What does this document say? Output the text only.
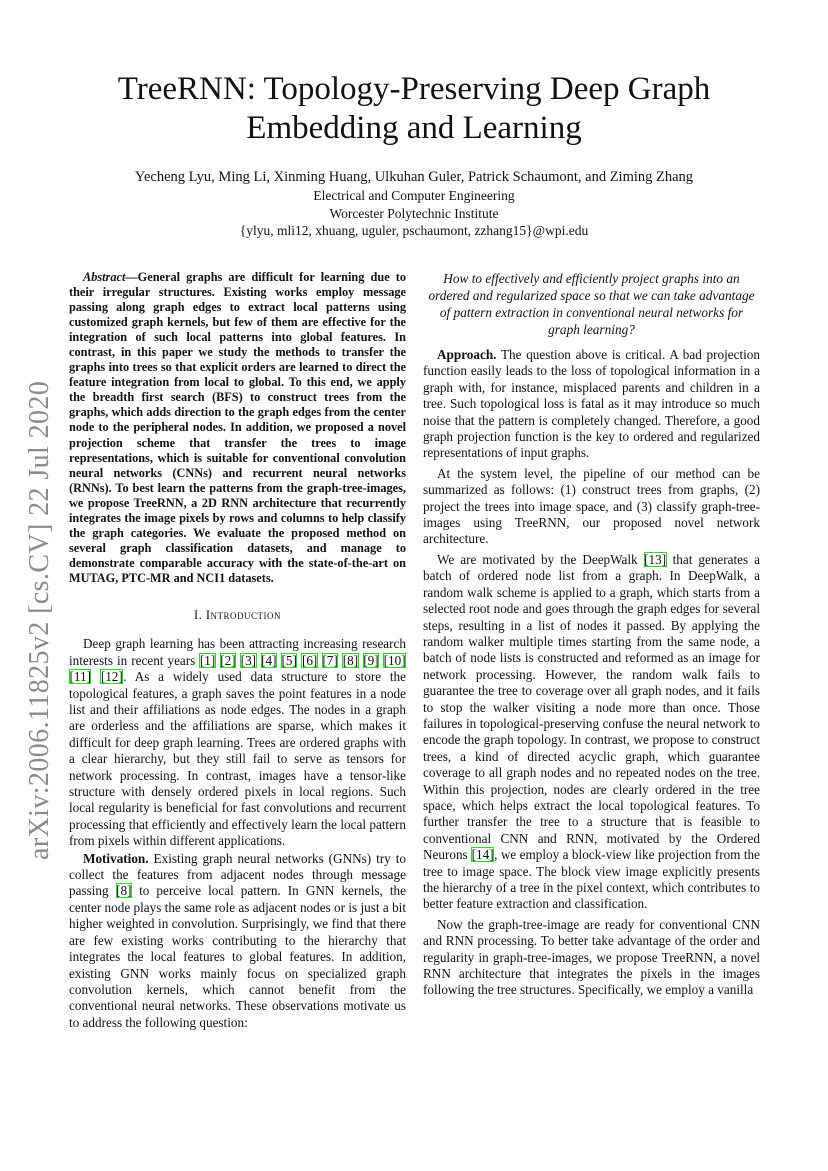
arXiv:2006.11825v2 [cs.CV] 22 Jul 2020
TreeRNN: Topology-Preserving Deep Graph
Embedding and Learning
Yecheng Lyu, Ming Li, Xinming Huang, Ulkuhan Guler, Patrick Schaumont, and Ziming Zhang
Electrical and Computer Engineering
Worcester Polytechnic Institute
{ylyu, mli12, xhuang, uguler, pschaumont, zzhang15}@wpi.edu

Abstract—General graphs are difficult for learning due to their irregular structures. Existing works employ message passing along graph edges to extract local patterns using customized graph kernels, but few of them are effective for the integration of such local patterns into global features. In contrast, in this paper we study the methods to transfer the graphs into trees so that explicit orders are learned to direct the feature integration from local to global. To this end, we apply the breadth first search (BFS) to construct trees from the graphs, which adds direction to the graph edges from the center node to the peripheral nodes. In addition, we proposed a novel projection scheme that transfer the trees to image representations, which is suitable for conventional convolution neural networks (CNNs) and recurrent neural networks (RNNs). To best learn the patterns from the graph-tree-images, we propose TreeRNN, a 2D RNN architecture that recurrently integrates the image pixels by rows and columns to help classify the graph categories. We evaluate the proposed method on several graph classification datasets, and manage to demonstrate comparable accuracy with the state-of-the-art on MUTAG, PTC-MR and NCI1 datasets.

I. Introduction

Deep graph learning has been attracting increasing research interests in recent years [1] [2] [3] [4] [5] [6] [7] [8] [9] [10] [11] [12]. As a widely used data structure to store the topological features, a graph saves the point features in a node list and their affiliations as node edges. The nodes in a graph are orderless and the affiliations are sparse, which makes it difficult for deep graph learning. Trees are ordered graphs with a clear hierarchy, but they still fail to serve as tensors for network processing. In contrast, images have a tensor-like structure with densely ordered pixels in local regions. Such local regularity is beneficial for fast convolutions and recurrent processing that efficiently and effectively learn the local pattern from pixels within different applications.

Motivation. Existing graph neural networks (GNNs) try to collect the features from adjacent nodes through message passing [8] to perceive local pattern. In GNN kernels, the center node plays the same role as adjacent nodes or is just a bit higher weighted in convolution. Surprisingly, we find that there are few existing works contributing to the hierarchy that integrates the local features to global features. In addition, existing GNN works mainly focus on specialized graph convolution kernels, which cannot benefit from the conventional neural networks. These observations motivate us to address the following question:

How to effectively and efficiently project graphs into an ordered and regularized space so that we can take advantage of pattern extraction in conventional neural networks for graph learning?

Approach. The question above is critical. A bad projection function easily leads to the loss of topological information in a graph with, for instance, misplaced parents and children in a tree. Such topological loss is fatal as it may introduce so much noise that the pattern is completely changed. Therefore, a good graph projection function is the key to ordered and regularized representations of input graphs.

At the system level, the pipeline of our method can be summarized as follows: (1) construct trees from graphs, (2) project the trees into image space, and (3) classify graph-tree-images using TreeRNN, our proposed novel network architecture.

We are motivated by the DeepWalk [13] that generates a batch of ordered node list from a graph. In DeepWalk, a random walk scheme is applied to a graph, which starts from a selected root node and goes through the graph edges for several steps, resulting in a list of nodes it passed. By applying the random walker multiple times starting from the same node, a batch of node lists is constructed and reformed as an image for network processing. However, the random walk fails to guarantee the tree to coverage over all graph nodes, and it fails to stop the walker visiting a node more than once. Those failures in topological-preserving confuse the neural network to encode the graph topology. In contrast, we propose to construct trees, a kind of directed acyclic graph, which guarantee coverage to all graph nodes and no repeated nodes on the tree. Within this projection, nodes are clearly ordered in the tree space, which helps extract the local topological features. To further transfer the tree to a structure that is feasible to conventional CNN and RNN, motivated by the Ordered Neurons [14], we employ a block-view like projection from the tree to image space. The block view image explicitly presents the hierarchy of a tree in the pixel context, which contributes to better feature extraction and classification.

Now the graph-tree-image are ready for conventional CNN and RNN processing. To better take advantage of the order and regularity in graph-tree-images, we propose TreeRNN, a novel RNN architecture that integrates the pixels in the images following the tree structures. Specifically, we employ a vanilla
